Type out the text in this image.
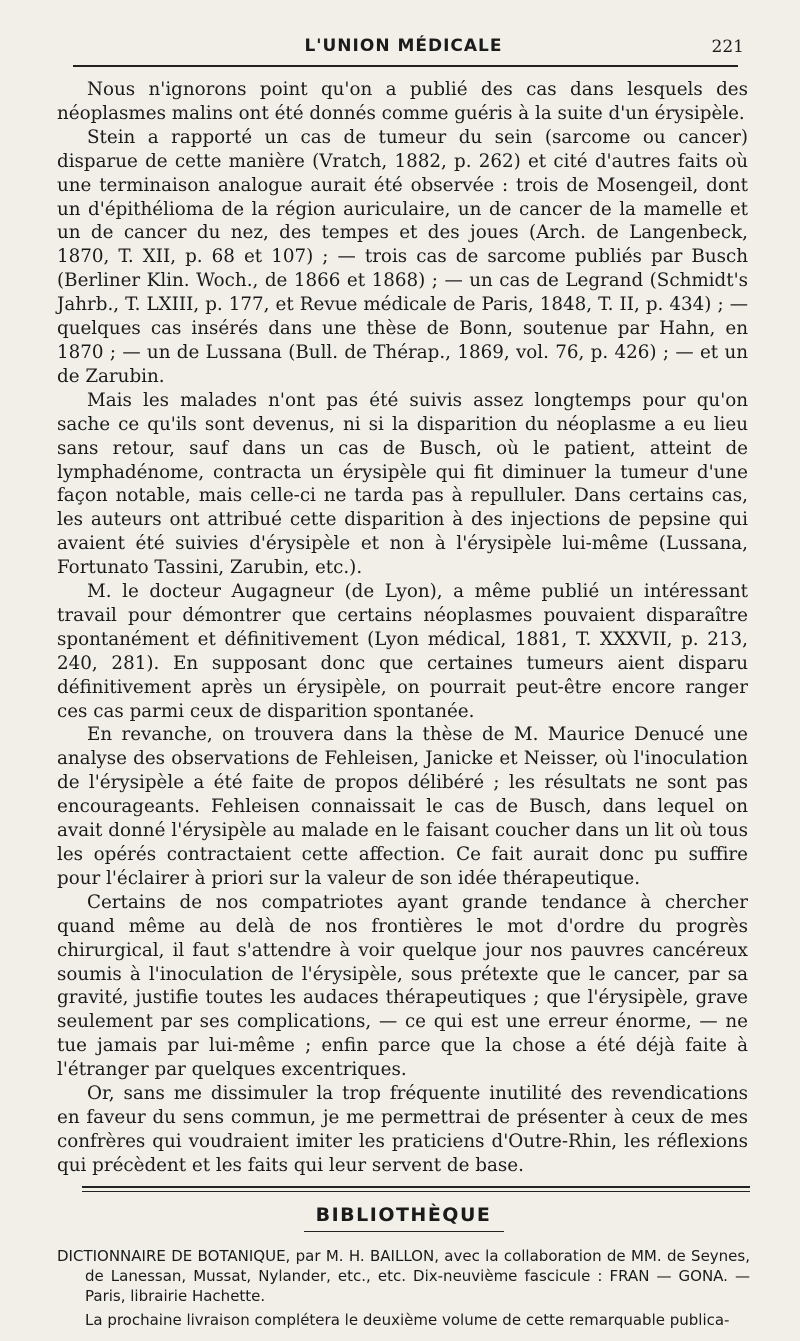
L'UNION MÉDICALE	221

Nous n'ignorons point qu'on a publié des cas dans lesquels des néoplasmes malins ont été donnés comme guéris à la suite d'un érysipèle.

Stein a rapporté un cas de tumeur du sein (sarcome ou cancer) disparue de cette manière (Vratch, 1882, p. 262) et cité d'autres faits où une terminaison analogue aurait été observée : trois de Mosengeil, dont un d'épithélioma de la région auriculaire, un de cancer de la mamelle et un de cancer du nez, des tempes et des joues (Arch. de Langenbeck, 1870, T. XII, p. 68 et 107) ; — trois cas de sarcome publiés par Busch (Berliner Klin. Woch., de 1866 et 1868) ; — un cas de Legrand (Schmidt's Jahrb., T. LXIII, p. 177, et Revue médicale de Paris, 1848, T. II, p. 434) ; — quelques cas insérés dans une thèse de Bonn, soutenue par Hahn, en 1870 ; — un de Lussana (Bull. de Thérap., 1869, vol. 76, p. 426) ; — et un de Zarubin.

Mais les malades n'ont pas été suivis assez longtemps pour qu'on sache ce qu'ils sont devenus, ni si la disparition du néoplasme a eu lieu sans retour, sauf dans un cas de Busch, où le patient, atteint de lymphadénome, contracta un érysipèle qui fit diminuer la tumeur d'une façon notable, mais celle-ci ne tarda pas à repulluler. Dans certains cas, les auteurs ont attribué cette disparition à des injections de pepsine qui avaient été suivies d'érysipèle et non à l'érysipèle lui-même (Lussana, Fortunato Tassini, Zarubin, etc.).

M. le docteur Augagneur (de Lyon), a même publié un intéressant travail pour démontrer que certains néoplasmes pouvaient disparaître spontanément et définitivement (Lyon médical, 1881, T. XXXVII, p. 213, 240, 281). En supposant donc que certaines tumeurs aient disparu définitivement après un érysipèle, on pourrait peut-être encore ranger ces cas parmi ceux de disparition spontanée.

En revanche, on trouvera dans la thèse de M. Maurice Denucé une analyse des observations de Fehleisen, Janicke et Neisser, où l'inoculation de l'érysipèle a été faite de propos délibéré ; les résultats ne sont pas encourageants. Fehleisen connaissait le cas de Busch, dans lequel on avait donné l'érysipèle au malade en le faisant coucher dans un lit où tous les opérés contractaient cette affection. Ce fait aurait donc pu suffire pour l'éclairer à priori sur la valeur de son idée thérapeutique.

Certains de nos compatriotes ayant grande tendance à chercher quand même au delà de nos frontières le mot d'ordre du progrès chirurgical, il faut s'attendre à voir quelque jour nos pauvres cancéreux soumis à l'inoculation de l'érysipèle, sous prétexte que le cancer, par sa gravité, justifie toutes les audaces thérapeutiques ; que l'érysipèle, grave seulement par ses complications, — ce qui est une erreur énorme, — ne tue jamais par lui-même ; enfin parce que la chose a été déjà faite à l'étranger par quelques excentriques.

Or, sans me dissimuler la trop fréquente inutilité des revendications en faveur du sens commun, je me permettrai de présenter à ceux de mes confrères qui voudraient imiter les praticiens d'Outre-Rhin, les réflexions qui précèdent et les faits qui leur servent de base.

BIBLIOTHÈQUE

DICTIONNAIRE DE BOTANIQUE, par M. H. BAILLON, avec la collaboration de MM. de Seynes, de Lanessan, Mussat, Nylander, etc., etc. Dix-neuvième fascicule : FRAN — GONA. — Paris, librairie Hachette.

La prochaine livraison complétera le deuxième volume de cette remarquable publica-
